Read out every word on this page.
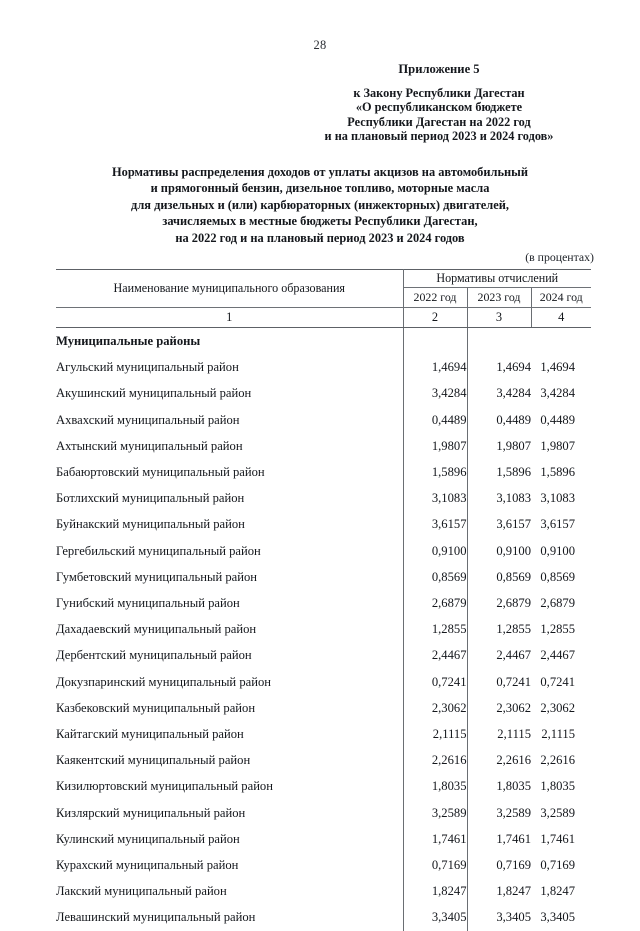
28
Приложение 5
к Закону Республики Дагестан
«О республиканском бюджете
Республики Дагестан на 2022 год
и на плановый период 2023 и 2024 годов»
Нормативы распределения доходов от уплаты акцизов на автомобильный
и прямогонный бензин, дизельное топливо, моторные масла
для дизельных и (или) карбюраторных (инжекторных) двигателей,
зачисляемых в местные бюджеты Республики Дагестан,
на 2022 год и на плановый период 2023 и 2024 годов
(в процентах)
Наименование муниципального образования	Нормативы отчислений		
	2022 год	2023 год	2024 год
1	2	3	4
Муниципальные районы			
Агульский муниципальный район	1,4694	1,4694	1,4694
Акушинский муниципальный район	3,4284	3,4284	3,4284
Ахвахский муниципальный район	0,4489	0,4489	0,4489
Ахтынский муниципальный район	1,9807	1,9807	1,9807
Бабаюртовский муниципальный район	1,5896	1,5896	1,5896
Ботлихский муниципальный район	3,1083	3,1083	3,1083
Буйнакский муниципальный район	3,6157	3,6157	3,6157
Гергебильский муниципальный район	0,9100	0,9100	0,9100
Гумбетовский муниципальный район	0,8569	0,8569	0,8569
Гунибский муниципальный район	2,6879	2,6879	2,6879
Дахадаевский муниципальный район	1,2855	1,2855	1,2855
Дербентский муниципальный район	2,4467	2,4467	2,4467
Докузпаринский муниципальный район	0,7241	0,7241	0,7241
Казбековский муниципальный район	2,3062	2,3062	2,3062
Кайтагский муниципальный район	2,1115	2,1115	2,1115
Каякентский муниципальный район	2,2616	2,2616	2,2616
Кизилюртовский муниципальный район	1,8035	1,8035	1,8035
Кизлярский муниципальный район	3,2589	3,2589	3,2589
Кулинский муниципальный район	1,7461	1,7461	1,7461
Курахский муниципальный район	0,7169	0,7169	0,7169
Лакский муниципальный район	1,8247	1,8247	1,8247
Левашинский муниципальный район	3,3405	3,3405	3,3405
